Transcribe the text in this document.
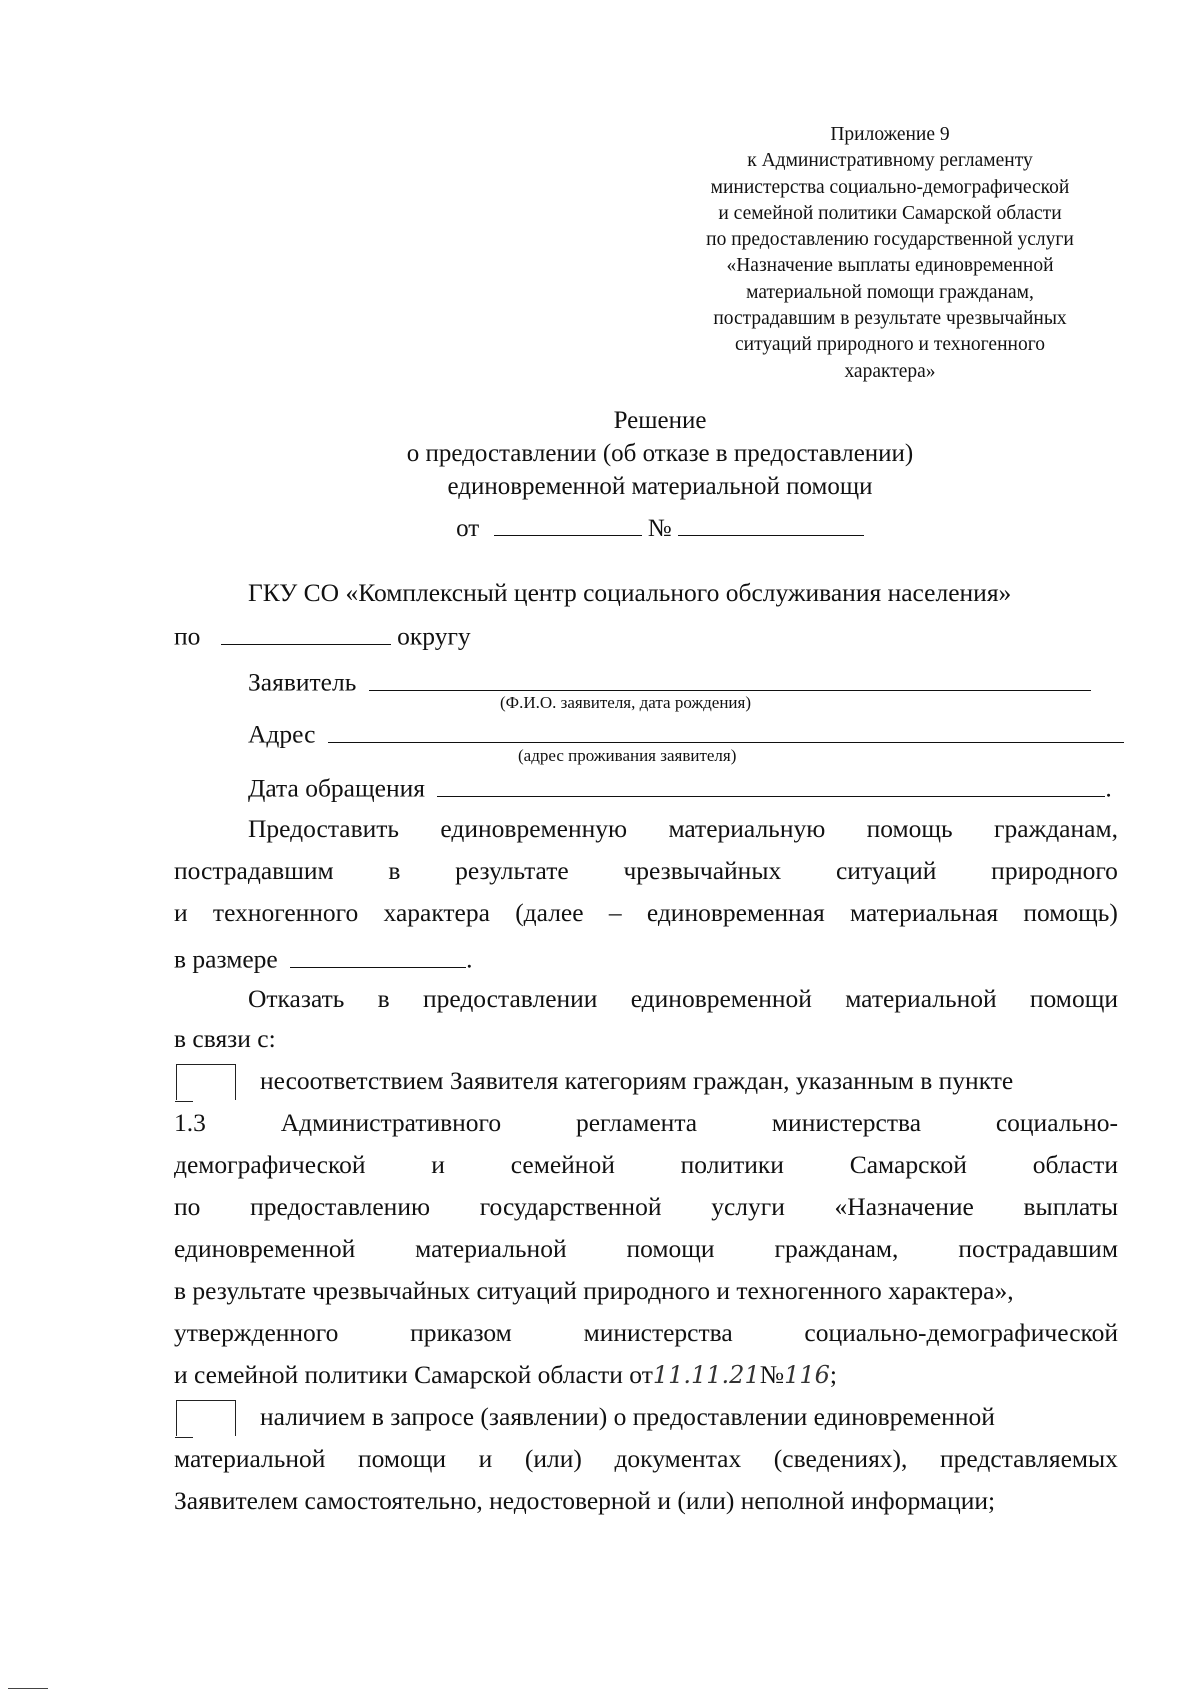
Приложение 9
к Административному регламенту
министерства социально-демографической
и семейной политики Самарской области
по предоставлению государственной услуги
«Назначение выплаты единовременной
материальной помощи гражданам,
пострадавшим в результате чрезвычайных
ситуаций природного и техногенного
характера»
Решение
о предоставлении (об отказе в предоставлении)
единовременной материальной помощи
от	№
ГКУ СО «Комплексный центр социального обслуживания населения»
по	округу
Заявитель
(Ф.И.О. заявителя, дата рождения)
Адрес
(адрес проживания заявителя)
Дата обращения	.
Предоставить единовременную материальную помощь гражданам,
пострадавшим в результате чрезвычайных ситуаций природного
и техногенного характера (далее – единовременная материальная помощь)
в размере	.
Отказать в предоставлении единовременной материальной помощи
в связи с:
несоответствием Заявителя категориям граждан, указанным в пункте
1.3	Административного	регламента	министерства	социально-
демографической	и	семейной	политики	Самарской	области
по предоставлению государственной услуги «Назначение выплаты
единовременной материальной помощи гражданам, пострадавшим
в результате чрезвычайных ситуаций природного и техногенного характера»,
утвержденного	приказом	министерства	социально-демографической
и семейной политики Самарской области от11.11.21№116;
наличием в запросе (заявлении) о предоставлении единовременной
материальной помощи и (или) документах (сведениях), представляемых
Заявителем самостоятельно, недостоверной и (или) неполной информации;
